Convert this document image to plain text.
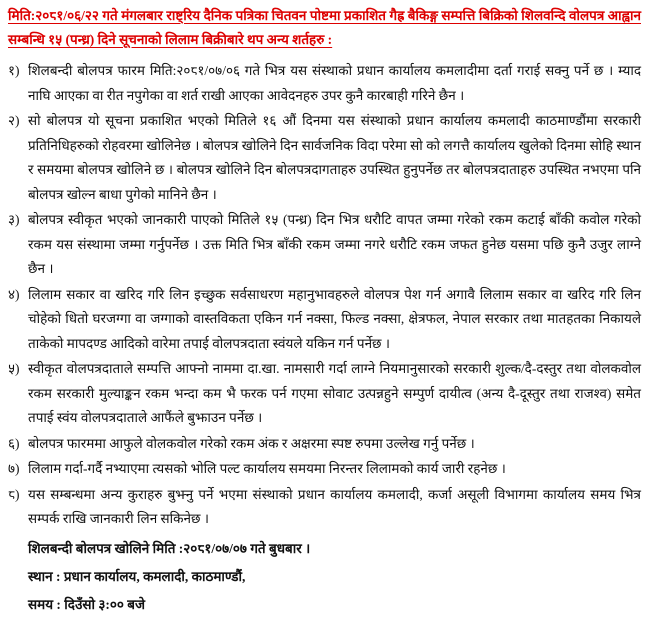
मिति:२०८१/०६/२२ गते मंगलबार राष्ट्रिय दैनिक पत्रिका चितवन पोष्टमा प्रकाशित गैह्र बैकिङ्ग सम्पत्ति बिक्रिको शिलवन्दि वोलपत्र आह्वान सम्बन्धि १५ (पन्ध्र) दिने सूचनाको लिलाम बिक्रीबारे थप अन्य शर्तहरु :

१) शिलबन्दी बोलपत्र फारम मिति:२०८१/०७/०६ गते भित्र यस संस्थाको प्रधान कार्यालय कमलादीमा दर्ता गराई सक्नु पर्ने छ । म्याद नाघि आएका वा रीत नपुगेका वा शर्त राखी आएका आवेदनहरु उपर कुनै कारबाही गरिने छैन ।
२) सो बोलपत्र यो सूचना प्रकाशित भएको मितिले १६ औं दिनमा यस संस्थाको प्रधान कार्यालय कमलादी काठमाण्डौंमा सरकारी प्रतिनिधिहरुको रोहवरमा खोलिनेछ । बोलपत्र खोलिने दिन सार्वजनिक विदा परेमा सो को लगत्तै कार्यालय खुलेको दिनमा सोहि स्थान र समयमा बोलपत्र खोलिने छ । बोलपत्र खोलिने दिन बोलपत्रदागताहरु उपस्थित हुनुपर्नेछ तर बोलपत्रदाताहरु उपस्थित नभएमा पनि बोलपत्र खोल्न बाधा पुगेको मानिने छैन ।
३) बोलपत्र स्वीकृत भएको जानकारी पाएको मितिले १५ (पन्ध्र) दिन भित्र धरौटि वापत जम्मा गरेको रकम कटाई बाँकी कवोल गरेको रकम यस संस्थामा जम्मा गर्नुपर्नेछ । उक्त मिति भित्र बाँकी रकम जम्मा नगरे धरौटि रकम जफत हुनेछ यसमा पछि कुनै उजुर लाग्ने छैन ।
४) लिलाम सकार वा खरिद गरि लिन इच्छुक सर्वसाधरण महानुभावहरुले वोलपत्र पेश गर्न अगावै लिलाम सकार वा खरिद गरि लिन चोहेको धितो घरजग्गा वा जग्गाको वास्तविकता एकिन गर्न नक्सा, फिल्ड नक्सा, क्षेत्रफल, नेपाल सरकार तथा मातहतका निकायले ताकेको मापदण्ड आदिको वारेमा तपाई वोलपत्रदाता स्वंयले यकिन गर्न पर्नेछ ।
५) स्वीकृत वोलपत्रदाताले सम्पत्ति आफ्नो नाममा दा.खा. नामसारी गर्दा लाग्ने नियमानुसारको सरकारी शुल्क/दै-दस्तुर तथा वोलकवोल रकम सरकारी मुल्याङ्कन रकम भन्दा कम भै फरक पर्न गएमा सोवाट उत्पन्नहुने सम्पुर्ण दायीत्व (अन्य दै-दूस्तुर तथा राजश्व) समेत तपाई स्वंय वोलपत्रदाताले आफैंले बुझाउन पर्नेछ ।
६) बोलपत्र फारममा आफुले वोलकवोल गरेको रकम अंक र अक्षरमा स्पष्ट रुपमा उल्लेख गर्नु पर्नेछ ।
७) लिलाम गर्दा-गर्दै नभ्याएमा त्यसको भोलि पल्ट कार्यालय समयमा निरन्तर लिलामको कार्य जारी रहनेछ ।
८) यस सम्बन्धमा अन्य कुराहरु बुझ्नु पर्ने भएमा संस्थाको प्रधान कार्यालय कमलादी, कर्जा असूली विभागमा कार्यालय समय भित्र सम्पर्क राखि जानकारी लिन सकिनेछ ।

शिलबन्दी बोलपत्र खोलिने मिति :२०८१/०७/०७ गते बुधबार ।

स्थान : प्रधान कार्यालय, कमलादी, काठमाण्डौं,

समय : दिउँसो ३:०० बजे
